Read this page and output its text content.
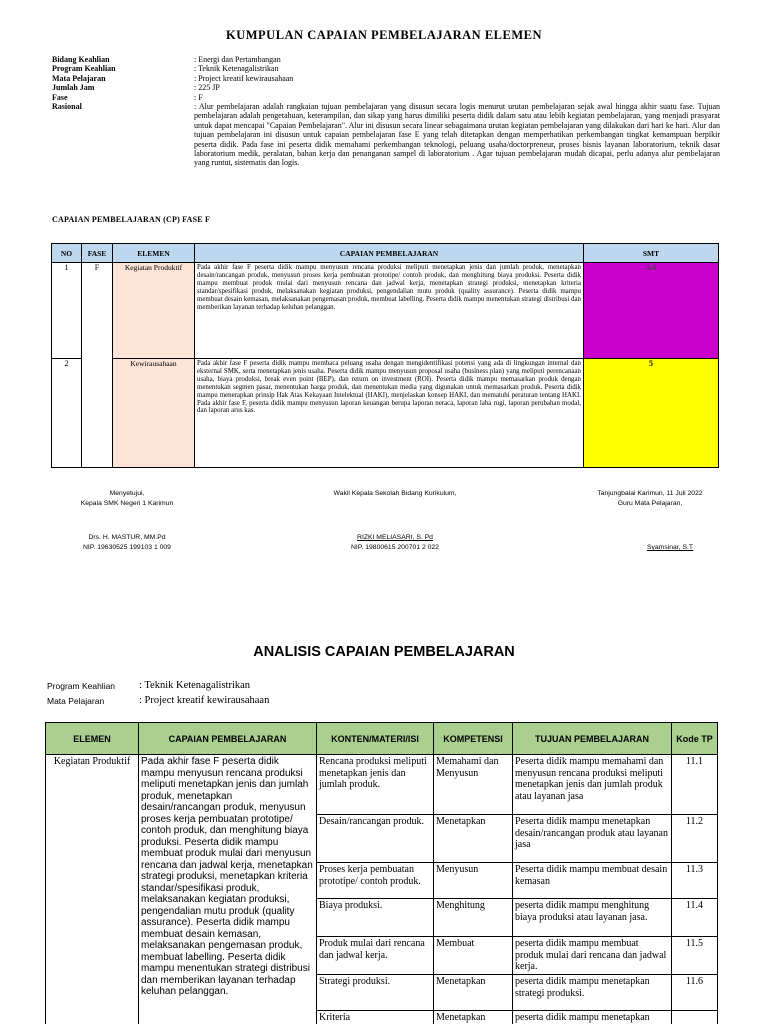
KUMPULAN CAPAIAN PEMBELAJARAN ELEMEN
Bidang Keahlian	: Energi dan Pertambangan
Program Keahlian	: Teknik Ketenagalistrikan
Mata Pelajaran	: Project kreatif kewirausahaan
Jumlah Jam	: 225 JP
Fase	: F
Rasional	: Alur pembelajaran adalah rangkaian tujuan pembelajaran yang disusun secara logis menurut urutan pembelajaran sejak awal hingga akhir suatu fase. Tujuan pembelajaran adalah pengetahuan, keterampilan, dan sikap yang harus dimiliki peserta didik dalam satu atau lebih kegiatan pembelajaran, yang menjadi prasyarat untuk dapat mencapai "Capaian Pembelajaran". Alur ini disusun secara linear sebagaimana urutan kegiatan pembelajaran yang dilakukan dari hari ke hari. Alur dan tujuan pembelajaran ini disusun untuk capaian pembelajaran fase E yang telah ditetapkan dengan memperhatikan perkembangan tingkat kemampuan berpikir peserta didik. Pada fase ini peserta didik memahami perkembangan teknologi, peluang usaha/doctorpreneur, proses bisnis layanan laboratorium, teknik dasar laboratorium medik, peralatan, bahan kerja dan penanganan sampel di laboratorium . Agar tujuan pembelajaran mudah dicapai, perlu adanya alur pembelajaran yang runtut, sistematis dan logis.
CAPAIAN PEMBELAJARAN (CP) FASE F
NO	FASE	ELEMEN	CAPAIAN PEMBELAJARAN	SMT
1	F	Kegiatan Produktif	Pada akhir fase F peserta didik mampu menyusun rencana produksi meliputi menetapkan jenis dan jumlah produk, menetapkan desain/rancangan produk, menyusun proses kerja pembuatan prototipe/ contoh produk, dan menghitung biaya produksi. Peserta didik mampu membuat produk mulai dari menyusun rencana dan jadwal kerja, menetapkan strategi produksi, menetapkan kriteria standar/spesifikasi produk, melaksanakan kegiatan produksi, pengendalian mutu produk (quality assurance). Peserta didik mampu membuat desain kemasan, melaksanakan pengemasan produk, membuat labelling. Peserta didik mampu menentukan strategi distribusi dan memberikan layanan terhadap keluhan pelanggan.	3,4
2		Kewirausahaan	Pada akhir fase F peserta didik mampu membaca peluang usaha dengan mengidentifikasi potensi yang ada di lingkungan internal dan eksternal SMK, serta menetapkan jenis usaha. Peserta didik mampu menyusun proposal usaha (business plan) yang meliputi perencanaan usaha, biaya produksi, break even point (BEP), dan return on investment (ROI). Peserta didik mampu memasarkan produk dengan menentukan segmen pasar, menentukan harga produk, dan menentukan media yang digunakan untuk memasarkan produk. Peserta didik mampu menerapkan prinsip Hak Atas Kekayaan Intelektual (HAKI), menjelaskan konsep HAKI, dan mematuhi peraturan tentang HAKI. Pada akhir fase F, peserta didik mampu menyusun laporan keuangan berupa laporan neraca, laporan laba rugi, laporan perubahan modal, dan laporan arus kas.	5
Menyetujui,
Kepala SMK Negeri 1 Karimun
Drs. H. MASTUR, MM.Pd
NIP. 19630525 199103 1 009
Wakil Kepala Sekolah Bidang Kurikulum,
RIZKI MELIASARI, S. Pd
NIP. 19800615 200701 2 022
Tanjungbalai Karimun, 11 Juli 2022
Guru Mata Pelajaran,
Syamsinar, S.T
ANALISIS CAPAIAN PEMBELAJARAN
Program Keahlian	: Teknik Ketenagalistrikan
Mata Pelajaran	: Project kreatif kewirausahaan
ELEMEN	CAPAIAN PEMBELAJARAN	KONTEN/MATERI/ISI	KOMPETENSI	TUJUAN PEMBELAJARAN	Kode TP
Kegiatan Produktif	Pada akhir fase F peserta didik mampu menyusun rencana produksi meliputi menetapkan jenis dan jumlah produk, menetapkan desain/rancangan produk, menyusun proses kerja pembuatan prototipe/ contoh produk, dan menghitung biaya produksi. Peserta didik mampu membuat produk mulai dari menyusun rencana dan jadwal kerja, menetapkan strategi produksi, menetapkan kriteria standar/spesifikasi produk, melaksanakan kegiatan produksi, pengendalian mutu produk (quality assurance). Peserta didik mampu membuat desain kemasan, melaksanakan pengemasan produk, membuat labelling. Peserta didik mampu menentukan strategi distribusi dan memberikan layanan terhadap keluhan pelanggan.	Rencana produksi meliputi menetapkan jenis dan jumlah produk.	Memahami dan Menyusun	Peserta didik mampu memahami dan menyusun rencana produksi meliputi menetapkan jenis dan jumlah produk atau layanan jasa	11.1
		Desain/rancangan produk.	Menetapkan	Peserta didik mampu menetapkan desain/rancangan produk atau layanan jasa	11.2
		Proses kerja pembuatan prototipe/ contoh produk.	Menyusun	Peserta didik mampu membuat desain kemasan	11.3
		Biaya produksi.	Menghitung	peserta didik mampu menghitung biaya produksi atau layanan jasa.	11.4
		Produk mulai dari rencana dan jadwal kerja.	Membuat	peserta didik mampu membuat produk mulai dari rencana dan jadwal kerja.	11.5
		Strategi produksi.	Menetapkan	peserta didik mampu menetapkan strategi produksi.	11.6
		Kriteria	Menetapkan	peserta didik mampu menetapkan	
